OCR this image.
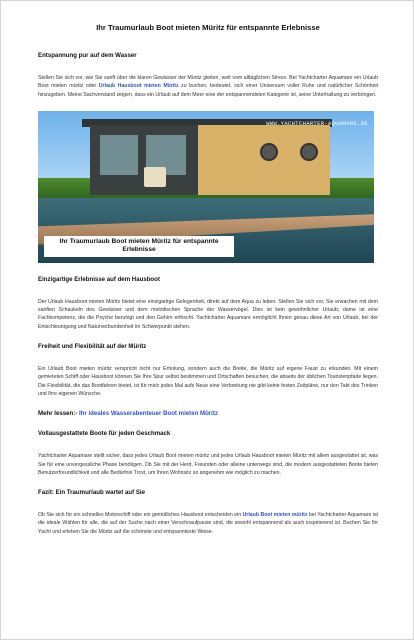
Ihr Traumurlaub Boot mieten Müritz für entspannte Erlebnisse
Entspannung pur auf dem Wasser

Stellen Sie sich vor, wie Sie sanft über die klaren Gewässer der Müritz gleiten, weit vom alltäglichen Stress. Bei Yachtcharter Aquamare ein Urlaub Boot mieten müritz oder Urlaub Hausboot mieten Müritz zu buchen, bedeutet, sich einer Universum voller Ruhe und natürlicher Schönheit hinzugeben. Meine Sachverstand zeigen, dass ein Urlaub auf dem Meer eine der entspannendsten Kategorie ist, seine Unterhaltung zu verbringen.

WWW.YACHTCHARTER-AQUAMARE.DE
Ihr Traumurlaub Boot mieten Müritz für entspannte Erlebnisse
Einzigartige Erlebnisse auf dem Hausboot

Der Urlaub Hausboot mieten Müritz bietet eine einzigartige Gelegenheit, direkt auf dem Aqua zu leben. Stellen Sie sich vor, Sie erwachen mit dem sanften Schaukeln des Gewässer und dem melodischen Sprache der Wasservögel. Dies ist kein gewöhnlicher Urlaub; dame ist eine Fachkompetenz, die die Psyche beruhigt und den Gehirn erfrischt. Yachtcharter Aquamare ermöglicht Ihnen genau diese Art von Urlaub, bei der Entschleunigung und Naturverbundenheit im Schwerpunkt stehen.

Freiheit und Flexibilität auf der Müritz

Ein Urlaub Boot mieten müritz verspricht nicht nur Erholung, sondern auch die Breite, die Müritz auf eigene Faust zu erkunden. Mit einem gemieteten Schiff oder Hausboot können Sie Ihre Spur selbst bestimmen und Ortschaften besuchen, die abseits der üblichen Touristenpfade liegen. Die Flexibilität, die das Bootfahren bietet, ist für mich jedes Mal aufs Neue eine Verbreitung nie gibt keine festen Zeitpläne, nur den Takt des Trinken und Ihre eigenen Wünsche.

Mehr lessen:- Ihr ideales Wasserabenteuer Boot mieten Müritz
Vollausgestattete Boote für jeden Geschmack

Yachtcharter Aquamare stellt sicher, dass jedes Urlaub Boot mieten müritz und jedes Urlaub Hausboot mieten Müritz mit allem ausgestattet ist, was Sie für eine unvergessliche Phase benötigen. Ob Sie mit der Herd, Freunden oder alleine unterwegs sind, die modern ausgestatteten Boote bieten Benutzerfreundlichkeit und alle Bedürfnis Trost, um Ihren Wohnsitz so angenehm wie möglich zu machen.

Fazit: Ein Traumurlaub wartet auf Sie

Ob Sie sich für ein schnelles Motorschiff oder ein gemütliches Hausboot entscheiden ein Urlaub Boot mieten müritz bei Yachtcharter Aquamare ist die ideale Wählen für alle, die auf der Suche nach einer Verschnaufpause sind, die sowohl entspannend als auch inspirierend ist. Buchen Sie Ihr Yacht und erleben Sie die Müritz auf die schönste und entspannteste Weise.
